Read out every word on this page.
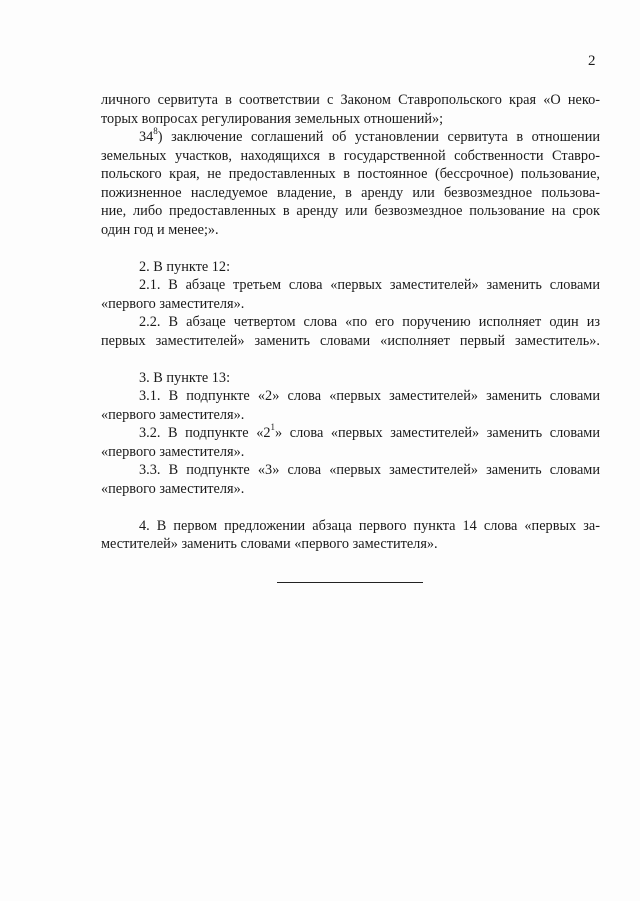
2
личного сервитута в соответствии с Законом Ставропольского края «О неко-
торых вопросах регулирования земельных отношений»;
$34^8$) заключение соглашений об установлении сервитута в отношении
земельных участков, находящихся в государственной собственности Ставро-
польского края, не предоставленных в постоянное (бессрочное) пользование,
пожизненное наследуемое владение, в аренду или безвозмездное пользова-
ние, либо предоставленных в аренду или безвозмездное пользование на срок
один год и менее;».
2. В пункте 12:
2.1. В абзаце третьем слова «первых заместителей» заменить словами
«первого заместителя».
2.2. В абзаце четвертом слова «по его поручению исполняет один из
первых заместителей» заменить словами «исполняет первый заместитель».
3. В пункте 13:
3.1. В подпункте «2» слова «первых заместителей» заменить словами
«первого заместителя».
3.2. В подпункте «$2^1$» слова «первых заместителей» заменить словами
«первого заместителя».
3.3. В подпункте «3» слова «первых заместителей» заменить словами
«первого заместителя».
4. В первом предложении абзаца первого пункта 14 слова «первых за-
местителей» заменить словами «первого заместителя».
